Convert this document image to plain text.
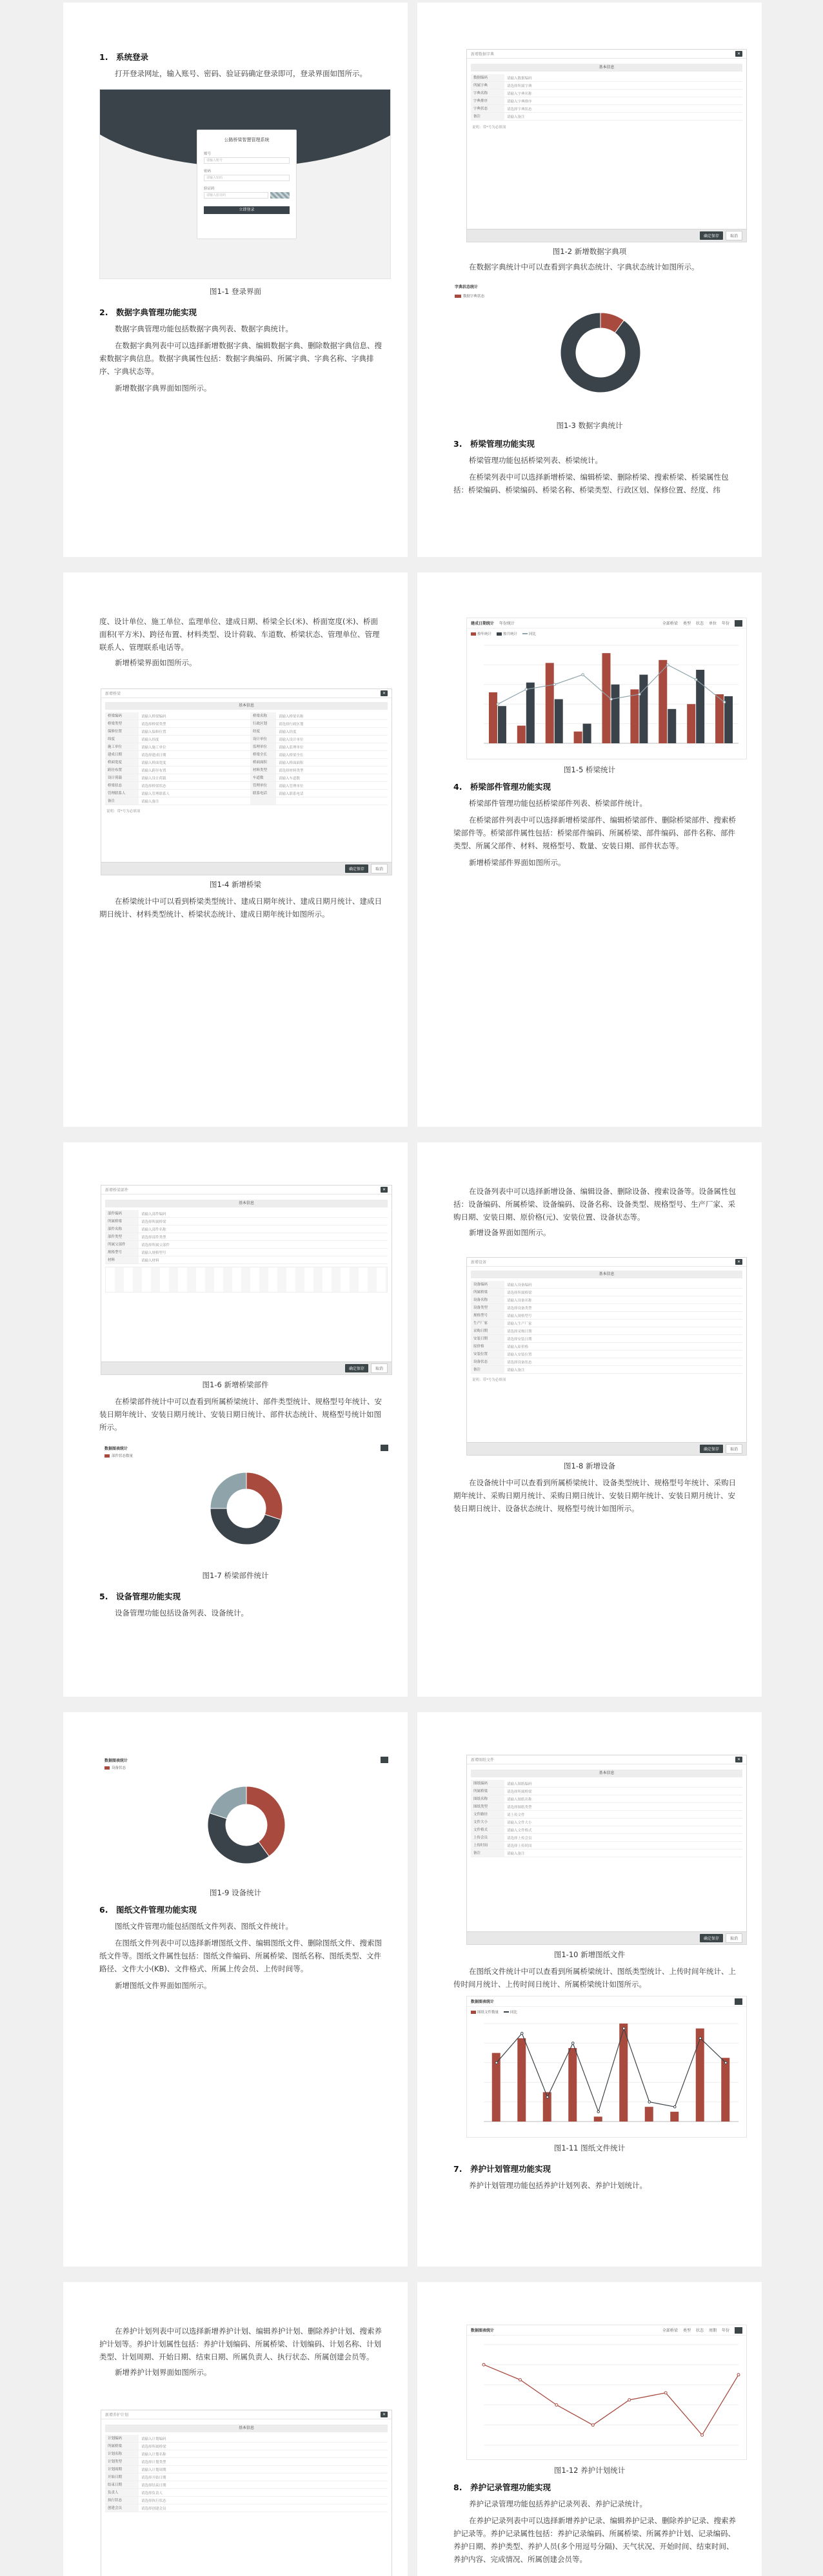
1.　系统登录
打开登录网址，输入账号、密码、验证码确定登录即可，登录界面如图所示。
公路桥梁智慧管理系统
账号
请输入账号
密码
请输入密码
验证码
请输入验证码
立即登录
图1-1 登录界面
2.　数据字典管理功能实现
数据字典管理功能包括数据字典列表、数据字典统计。
在数据字典列表中可以选择新增数据字典、编辑数据字典、删除数据字典信息、搜索数据字典信息。数据字典属性包括：数据字典编码、所属字典、字典名称、字典排序、字典状态等。
新增数据字典界面如图所示。
新增数据字典	✕
基本信息
数据编码	请输入数据编码
所属字典	请选择所属字典
字典名称	请输入字典名称
字典排序	请输入字典排序
字典状态	请选择字典状态
备注	请输入备注
说明：带*号为必填项
确定保存	取消
图1-2 新增数据字典项
在数据字典统计中可以查看到字典状态统计、字典状态统计如图所示。
字典状态统计
数据字典状态
图1-3 数据字典统计
3.　桥梁管理功能实现
桥梁管理功能包括桥梁列表、桥梁统计。
在桥梁列表中可以选择新增桥梁、编辑桥梁、删除桥梁、搜索桥梁、桥梁属性包括：桥梁编码、桥梁编码、桥梁名称、桥梁类型、行政区划、保修位置、经度、纬
度、设计单位、施工单位、监理单位、建成日期、桥梁全长(米)、桥面宽度(米)、桥面面积(平方米)、跨径布置、材料类型、设计荷载、车道数、桥梁状态、管理单位、管理联系人、管理联系电话等。
新增桥梁界面如图所示。
新增桥梁	✕
基本信息
桥梁编码	请输入桥梁编码	桥梁名称	请输入桥梁名称
桥梁类型	请选择桥梁类型	行政区划	请选择行政区划
保修位置	请输入保修位置	经度	请输入经度
纬度	请输入纬度	设计单位	请输入设计单位
施工单位	请输入施工单位	监理单位	请输入监理单位
建成日期	请选择建成日期	桥梁全长	请输入桥梁全长
桥面宽度	请输入桥面宽度	桥面面积	请输入桥面面积
跨径布置	请输入跨径布置	材料类型	请选择材料类型
设计荷载	请输入设计荷载	车道数	请输入车道数
桥梁状态	请选择桥梁状态	管理单位	请输入管理单位
管理联系人	请输入管理联系人	联系电话	请输入联系电话
备注	请输入备注
说明：带*号为必填项
确定保存	取消
图1-4 新增桥梁
在桥梁统计中可以看到桥梁类型统计、建成日期年统计、建成日期月统计、建成日期日统计、材料类型统计、桥梁状态统计、建成日期年统计如图所示。
建成日期统计 年份统计	全部桥梁 类型 状态 单位 年份
按年统计	按月统计	同比
图1-5 桥梁统计
4.　桥梁部件管理功能实现
桥梁部件管理功能包括桥梁部件列表、桥梁部件统计。
在桥梁部件列表中可以选择新增桥梁部件、编辑桥梁部件、删除桥梁部件、搜索桥梁部件等。桥梁部件属性包括：桥梁部件编码、所属桥梁、部件编码、部件名称、部件类型、所属父部件、材料、规格型号、数量、安装日期、部件状态等。
新增桥梁部件界面如图所示。
新增桥梁部件	✕
基本信息
部件编码	请输入部件编码
所属桥梁	请选择所属桥梁
部件名称	请输入部件名称
部件类型	请选择部件类型
所属父部件	请选择所属父部件
规格型号	请输入规格型号
材料	请输入材料
确定保存	取消
图1-6 新增桥梁部件
在桥梁部件统计中可以查看到所属桥梁统计、部件类型统计、规格型号年统计、安装日期年统计、安装日期月统计、安装日期日统计、部件状态统计、规格型号统计如图所示。
数据图表统计
部件状态数量
图1-7 桥梁部件统计
5.　设备管理功能实现
设备管理功能包括设备列表、设备统计。
在设备列表中可以选择新增设备、编辑设备、删除设备、搜索设备等。设备属性包括：设备编码、所属桥梁、设备编码、设备名称、设备类型、规格型号、生产厂家、采购日期、安装日期、原价格(元)、安装位置、设备状态等。
新增设备界面如图所示。
新增设备	✕
基本信息
设备编码	请输入设备编码
所属桥梁	请选择所属桥梁
设备名称	请输入设备名称
设备类型	请选择设备类型
规格型号	请输入规格型号
生产厂家	请输入生产厂家
采购日期	请选择采购日期
安装日期	请选择安装日期
原价格	请输入原价格
安装位置	请输入安装位置
设备状态	请选择设备状态
备注	请输入备注
说明：带*号为必填项
确定保存	取消
图1-8 新增设备
在设备统计中可以查看到所属桥梁统计、设备类型统计、规格型号年统计、采购日期年统计、采购日期月统计、采购日期日统计、安装日期年统计、安装日期月统计、安装日期日统计、设备状态统计、规格型号统计如图所示。
数据图表统计
设备状态
图1-9 设备统计
6.　图纸文件管理功能实现
图纸文件管理功能包括图纸文件列表、图纸文件统计。
在图纸文件列表中可以选择新增图纸文件、编辑图纸文件、删除图纸文件、搜索图纸文件等。图纸文件属性包括：图纸文件编码、所属桥梁、图纸名称、图纸类型、文件路径、文件大小(KB)、文件格式、所属上传会员、上传时间等。
新增图纸文件界面如图所示。
新增图纸文件	✕
基本信息
图纸编码	请输入图纸编码
所属桥梁	请选择所属桥梁
图纸名称	请输入图纸名称
图纸类型	请选择图纸类型
文件路径	请上传文件
文件大小	请输入文件大小
文件格式	请输入文件格式
上传会员	请选择上传会员
上传时间	请选择上传时间
备注	请输入备注
确定保存	取消
图1-10 新增图纸文件
在图纸文件统计中可以查看到所属桥梁统计、图纸类型统计、上传时间年统计、上传时间月统计、上传时间日统计、所属桥梁统计如图所示。
数据图表统计
图纸文件数量	同比
图1-11 图纸文件统计
7.　养护计划管理功能实现
养护计划管理功能包括养护计划列表、养护计划统计。
在养护计划列表中可以选择新增养护计划、编辑养护计划、删除养护计划、搜索养护计划等。养护计划属性包括：养护计划编码、所属桥梁、计划编码、计划名称、计划类型、计划周期、开始日期、结束日期、所属负责人、执行状态、所属创建会员等。
新增养护计划界面如图所示。
新增养护计划	✕
基本信息
计划编码	请输入计划编码
所属桥梁	请选择所属桥梁
计划名称	请输入计划名称
计划类型	请选择计划类型
计划周期	请输入计划周期
开始日期	请选择开始日期
结束日期	请选择结束日期
负责人	请选择负责人
执行状态	请选择执行状态
创建会员	请选择创建会员
数据图表统计	全部桥梁 类型 状态 周期 年份
图1-12 养护计划统计
8.　养护记录管理功能实现
养护记录管理功能包括养护记录列表、养护记录统计。
在养护记录列表中可以选择新增养护记录、编辑养护记录、删除养护记录、搜索养护记录等。养护记录属性包括：养护记录编码、所属桥梁、所属养护计划、记录编码、养护日期、养护类型、养护人员(多个用逗号分隔)、天气状况、开始时间、结束时间、养护内容、完成情况、所属创建会员等。
